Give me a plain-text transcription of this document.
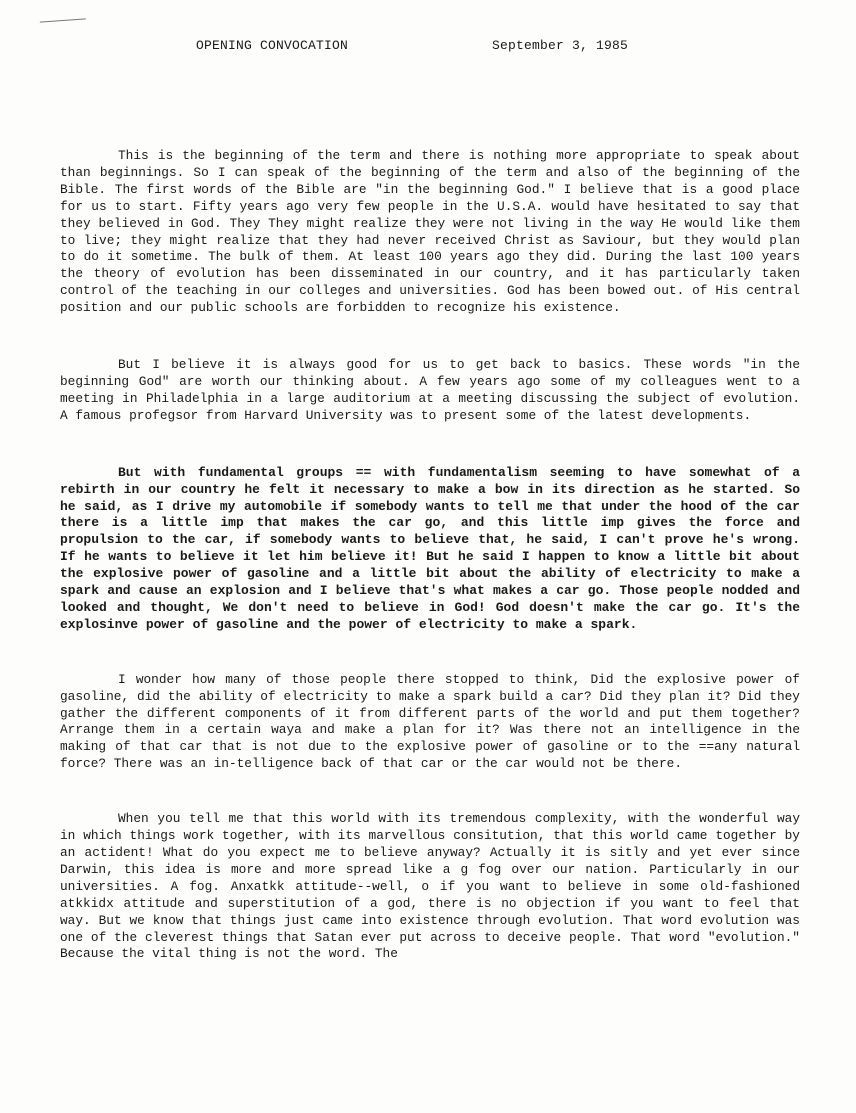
OPENING CONVOCATION	September 3, 1985

This is the beginning of the term and there is nothing more appropriate to speak about than beginnings. So I can speak of the beginning of the term and also of the beginning of the Bible. The first words of the Bible are "in the beginning God." I believe that is a good place for us to start. Fifty years ago very few people in the U.S.A. would have hesitated to say that they believed in God. They They might realize they were not living in the way He would like them to live; they might realize that they had never received Christ as Saviour, but they would plan to do it sometime. The bulk of them. At least 100 years ago they did. During the last 100 years the theory of evolution has been disseminated in our country, and it has particularly taken control of the teaching in our colleges and universities. God has been bowed out. of His central position and our public schools are forbidden to recognize his existence.

But I believe it is always good for us to get back to basics. These words "in the beginning God" are worth our thinking about. A few years ago some of my colleagues went to a meeting in Philadelphia in a large auditorium at a meeting discussing the subject of evolution. A famous profegsor from Harvard University was to present some of the latest developments.

But with fundamental groups == with fundamentalism seeming to have somewhat of a rebirth in our country he felt it necessary to make a bow in its direction as he started. So he said, as I drive my automobile if somebody wants to tell me that under the hood of the car there is a little imp that makes the car go, and this little imp gives the force and propulsion to the car, if somebody wants to believe that, he said, I can't prove he's wrong. If he wants to believe it let him believe it! But he said I happen to know a little bit about the explosive power of gasoline and a little bit about the ability of electricity to make a spark and cause an explosion and I believe that's what makes a car go. Those people nodded and looked and thought, We don't need to believe in God! God doesn't make the car go. It's the explosinve power of gasoline and the power of electricity to make a spark.

I wonder how many of those people there stopped to think, Did the explosive power of gasoline, did the ability of electricity to make a spark build a car? Did they plan it? Did they gather the different components of it from different parts of the world and put them together? Arrange them in a certain waya and make a plan for it? Was there not an intelligence in the making of that car that is not due to the explosive power of gasoline or to the ==any natural force? There was an in-telligence back of that car or the car would not be there.

When you tell me that this world with its tremendous complexity, with the wonderful way in which things work together, with its marvellous consitution, that this world came together by an actident! What do you expect me to believe anyway? Actually it is sitly and yet ever since Darwin, this idea is more and more spread like a g fog over our nation. Particularly in our universities. A fog. Anxatkk attitude--well, o if you want to believe in some old-fashioned atkkidx attitude and superstitution of a god, there is no objection if you want to feel that way. But we know that things just came into existence through evolution. That word evolution was one of the cleverest things that Satan ever put across to deceive people. That word "evolution." Because the vital thing is not the word. The
